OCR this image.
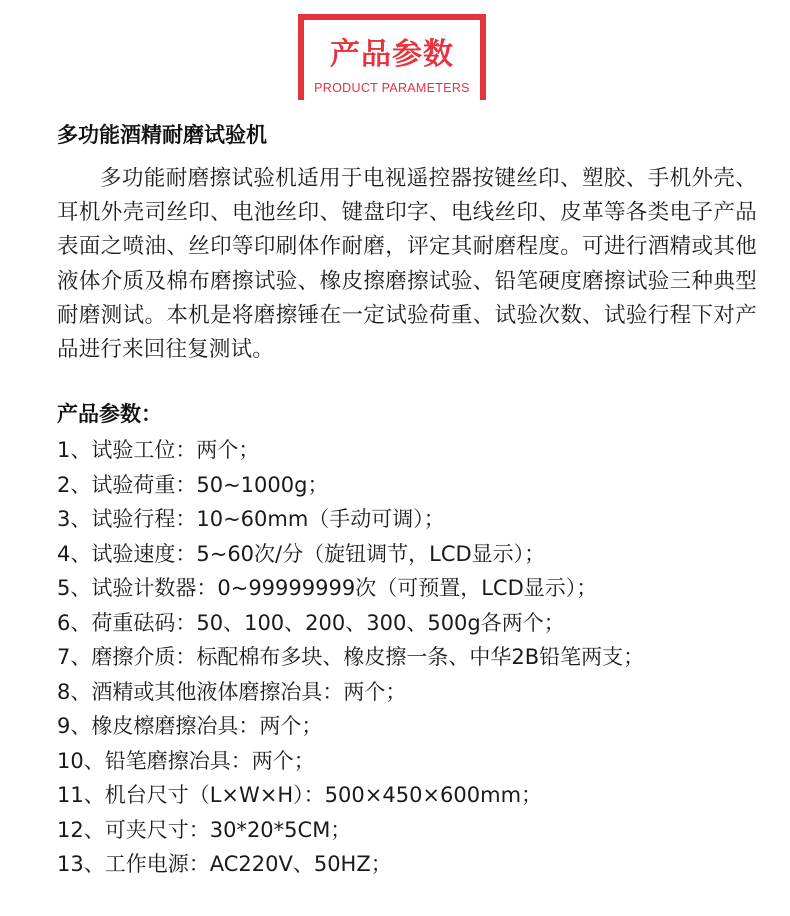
产品参数
PRODUCT PARAMETERS
多功能酒精耐磨试验机

多功能耐磨擦试验机适用于电视遥控器按键丝印、塑胶、手机外壳、耳机外壳司丝印、电池丝印、键盘印字、电线丝印、皮革等各类电子产品表面之喷油、丝印等印刷体作耐磨，评定其耐磨程度。可进行酒精或其他液体介质及棉布磨擦试验、橡皮擦磨擦试验、铅笔硬度磨擦试验三种典型耐磨测试。本机是将磨擦锤在一定试验荷重、试验次数、试验行程下对产品进行来回往复测试。

产品参数：
1、试验工位：两个；
2、试验荷重：50~1000g；
3、试验行程：10~60mm（手动可调）；
4、试验速度：5~60次/分（旋钮调节，LCD显示）；
5、试验计数器：0~99999999次（可预置，LCD显示）；
6、荷重砝码：50、100、200、300、500g各两个；
7、磨擦介质：标配棉布多块、橡皮擦一条、中华2B铅笔两支；
8、酒精或其他液体磨擦冶具：两个；
9、橡皮檫磨擦冶具：两个；
10、铅笔磨擦冶具：两个；
11、机台尺寸（L×W×H）：500×450×600mm；
12、可夹尺寸：30*20*5CM；
13、工作电源：AC220V、50HZ；
